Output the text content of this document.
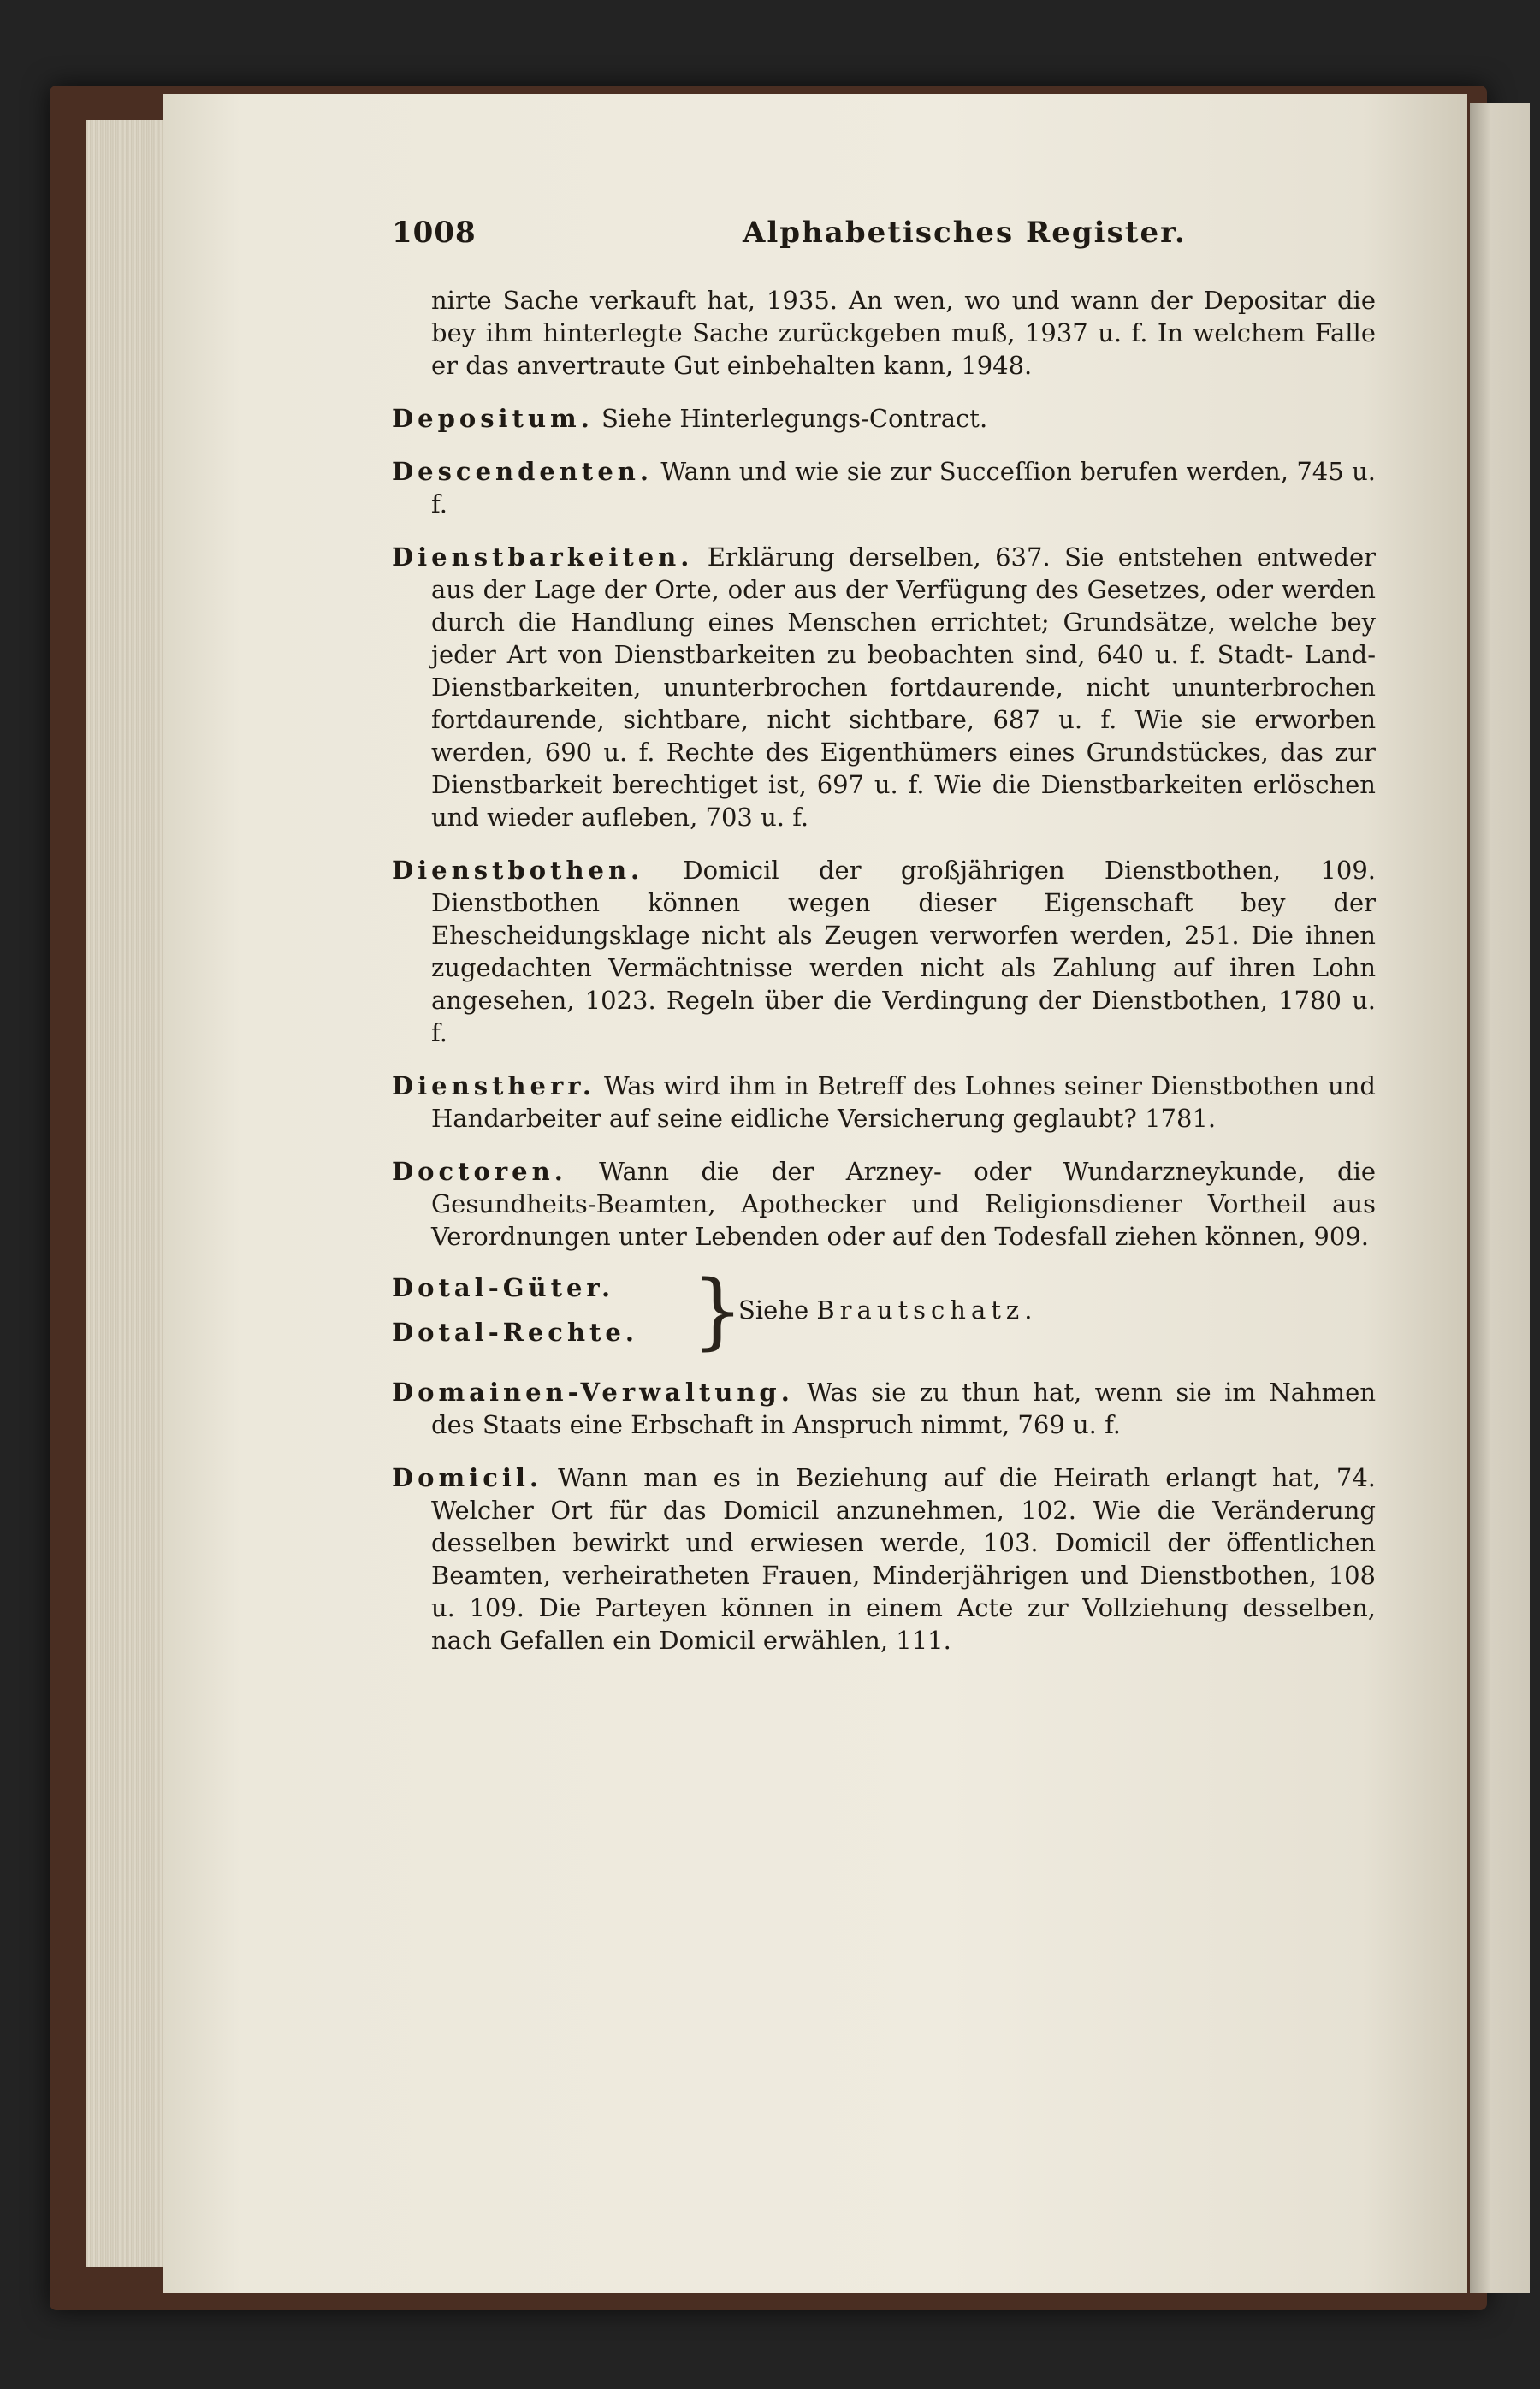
1008	Alphabetisches Register.

nirte Sache verkauft hat, 1935. An wen, wo und wann der Depositar die bey ihm hinterlegte Sache zurückgeben muß, 1937 u. f. In welchem Falle er das anvertraute Gut einbehalten kann, 1948.

Depositum. Siehe Hinterlegungs-Contract.

Descendenten. Wann und wie sie zur Succeſſion berufen werden, 745 u. f.

Dienstbarkeiten. Erklärung derselben, 637. Sie entstehen entweder aus der Lage der Orte, oder aus der Verfügung des Gesetzes, oder werden durch die Handlung eines Menschen errichtet; Grundsätze, welche bey jeder Art von Dienstbarkeiten zu beobachten sind, 640 u. f. Stadt- Land- Dienstbarkeiten, ununterbrochen fortdaurende, nicht ununterbrochen fortdaurende, sichtbare, nicht sichtbare, 687 u. f. Wie sie erworben werden, 690 u. f. Rechte des Eigenthümers eines Grundstückes, das zur Dienstbarkeit berechtiget ist, 697 u. f. Wie die Dienstbarkeiten erlöschen und wieder aufleben, 703 u. f.

Dienstbothen. Domicil der großjährigen Dienstbothen, 109. Dienstbothen können wegen dieser Eigenschaft bey der Ehescheidungsklage nicht als Zeugen verworfen werden, 251. Die ihnen zugedachten Vermächtnisse werden nicht als Zahlung auf ihren Lohn angesehen, 1023. Regeln über die Verdingung der Dienstbothen, 1780 u. f.

Dienstherr. Was wird ihm in Betreff des Lohnes seiner Dienstbothen und Handarbeiter auf seine eidliche Versicherung geglaubt? 1781.

Doctoren. Wann die der Arzney- oder Wundarzneykunde, die Gesundheits-Beamten, Apothecker und Religionsdiener Vortheil aus Verordnungen unter Lebenden oder auf den Todesfall ziehen können, 909.

Dotal-Güter.
Dotal-Rechte. }
Siehe Brautschatz.

Domainen-Verwaltung. Was sie zu thun hat, wenn sie im Nahmen des Staats eine Erbschaft in Anspruch nimmt, 769 u. f.

Domicil. Wann man es in Beziehung auf die Heirath erlangt hat, 74. Welcher Ort für das Domicil anzunehmen, 102. Wie die Veränderung desselben bewirkt und erwiesen werde, 103. Domicil der öffentlichen Beamten, verheiratheten Frauen, Minderjährigen und Dienstbothen, 108 u. 109. Die Parteyen können in einem Acte zur Vollziehung desselben, nach Gefallen ein Domicil erwählen, 111.
